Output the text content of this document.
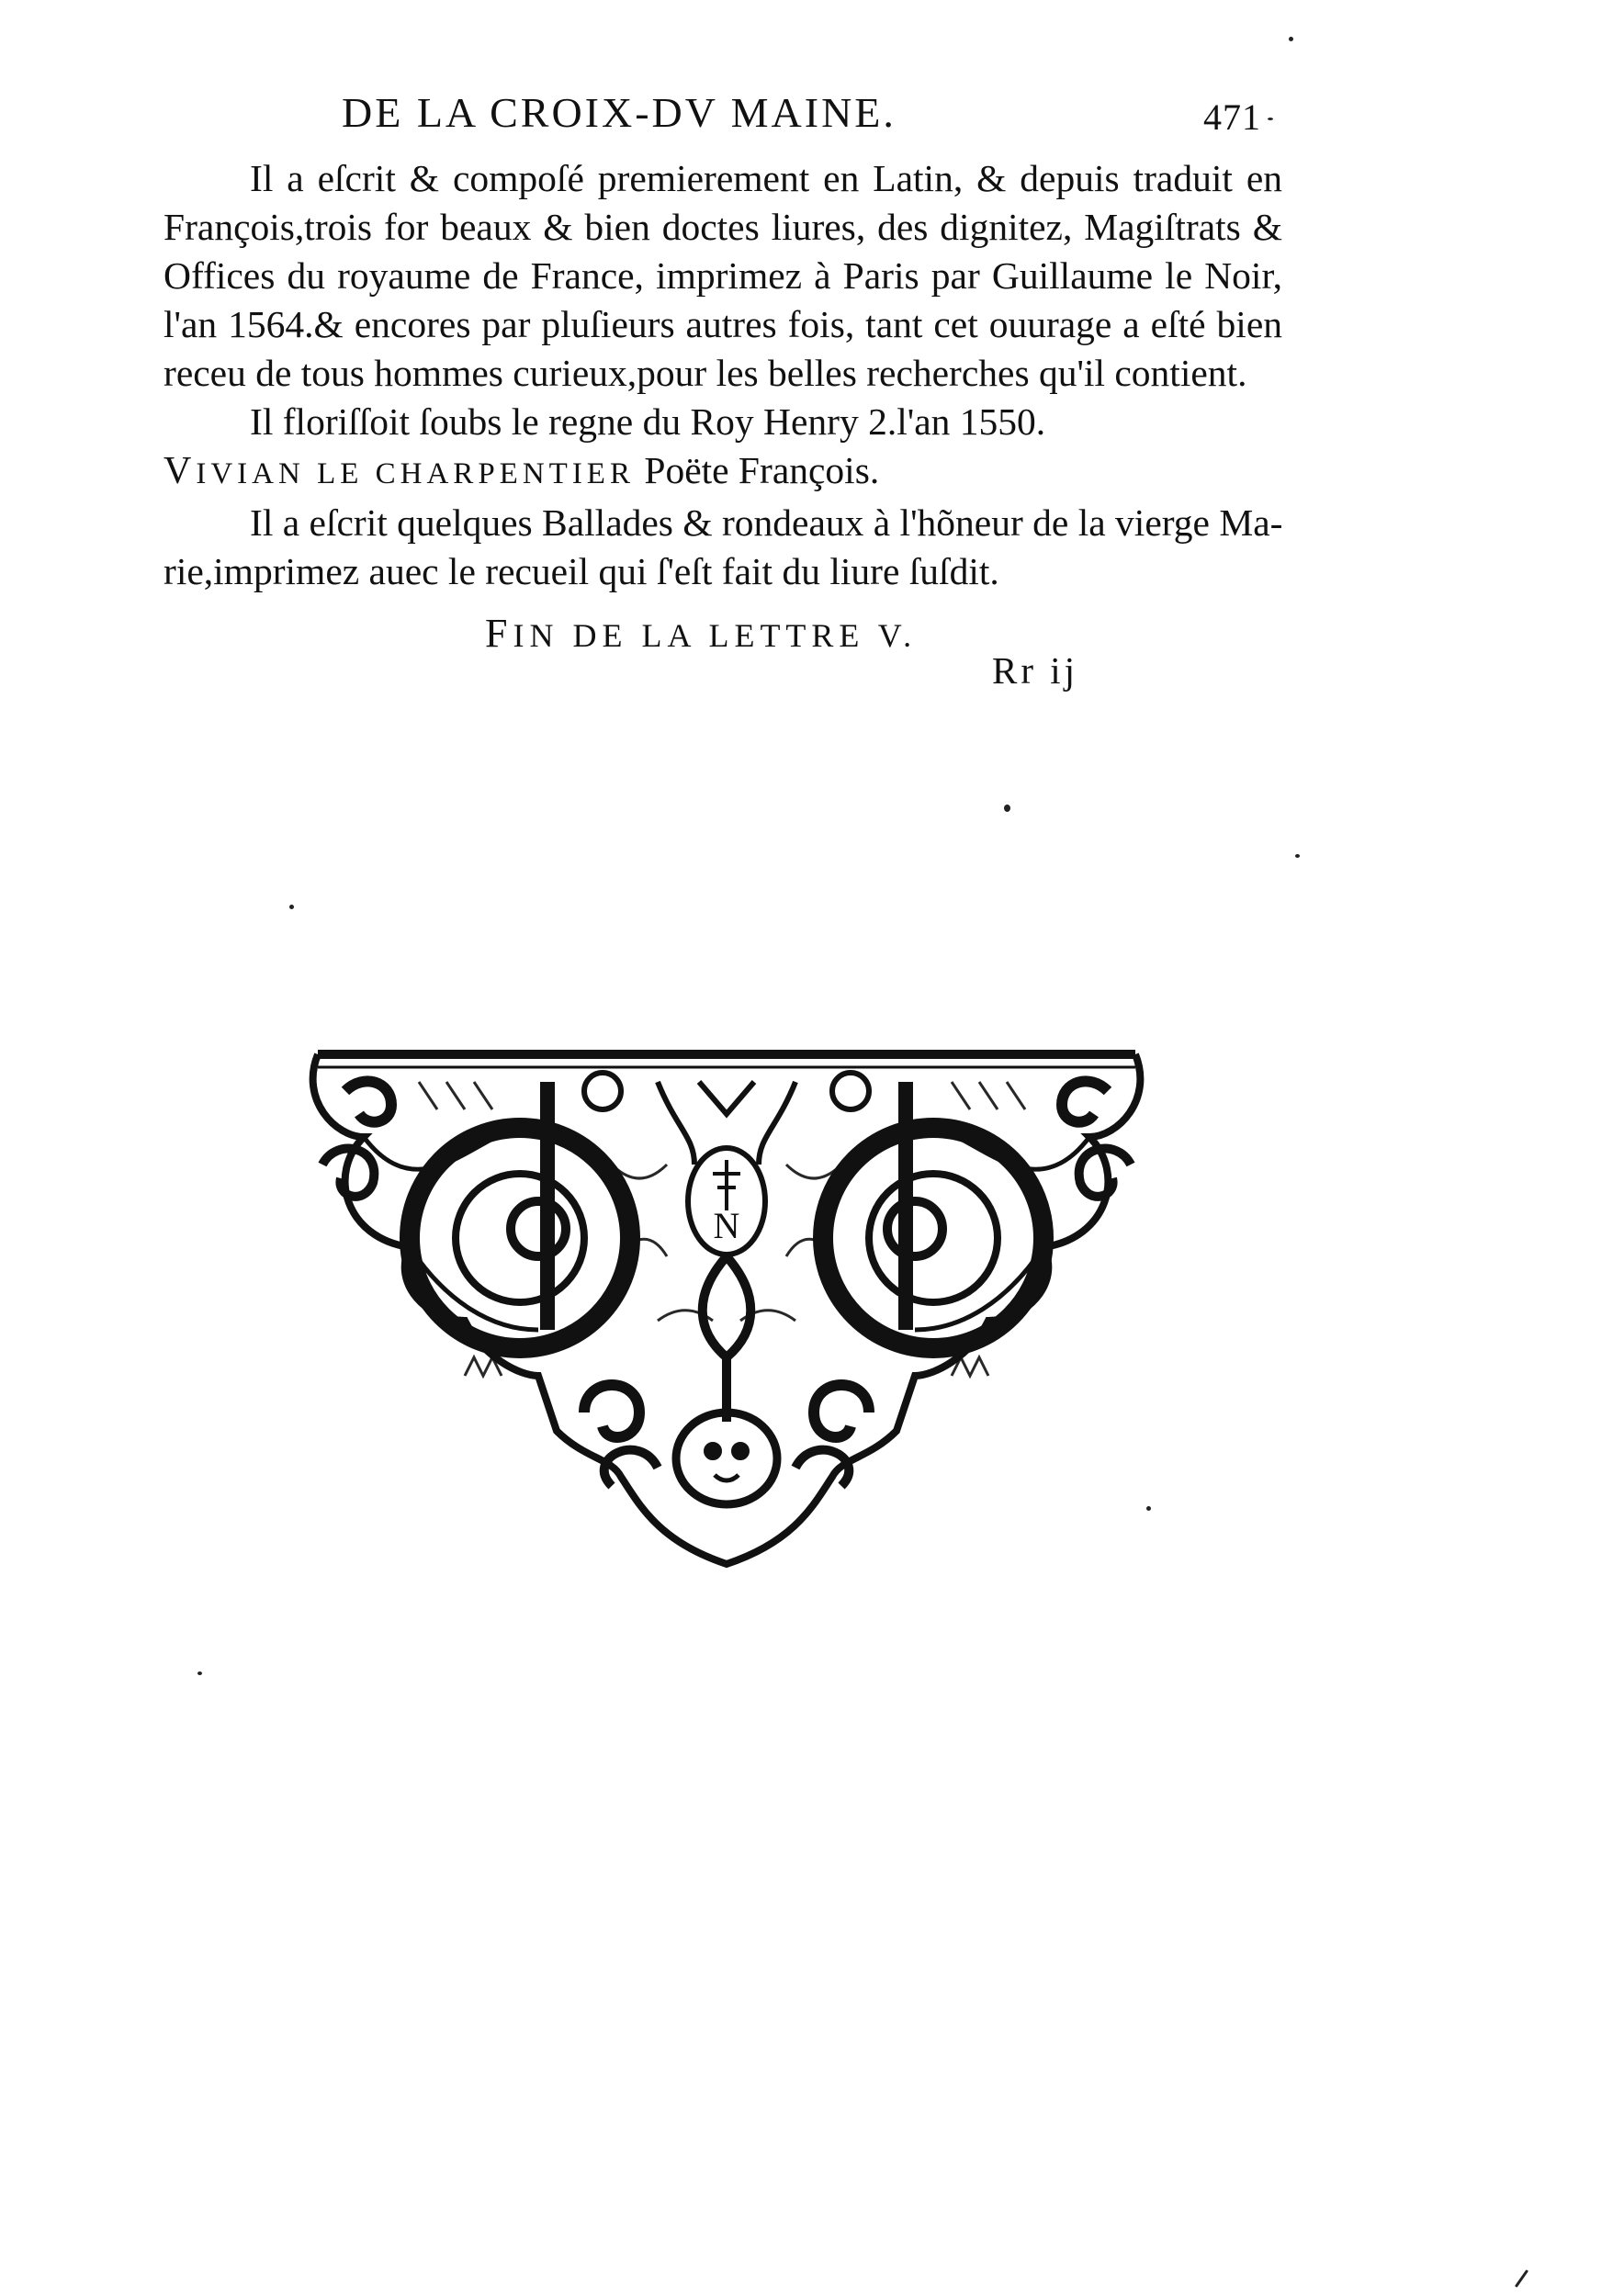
DE LA CROIX-DV MAINE.	471
Il a eſcrit & compoſé premierement en Latin, & depuis traduit en
François,trois for beaux & bien doctes liures, des dignitez, Magiſtrats &
Offices du royaume de France, imprimez à Paris par Guillaume le Noir,
l'an 1564.& encores par pluſieurs autres fois, tant cet ouurage a eſté bien
receu de tous hommes curieux,pour les belles recherches qu'il contient.
Il floriſſoit ſoubs le regne du Roy Henry 2.l'an 1550.
VIVIAN LE CHARPENTIER Poëte François.
Il a eſcrit quelques Ballades & rondeaux à l'hõneur de la vierge Ma-
rie,imprimez auec le recueil qui ſ'eſt fait du liure ſuſdit.
FIN DE LA LETTRE V.
Rr ij
N
